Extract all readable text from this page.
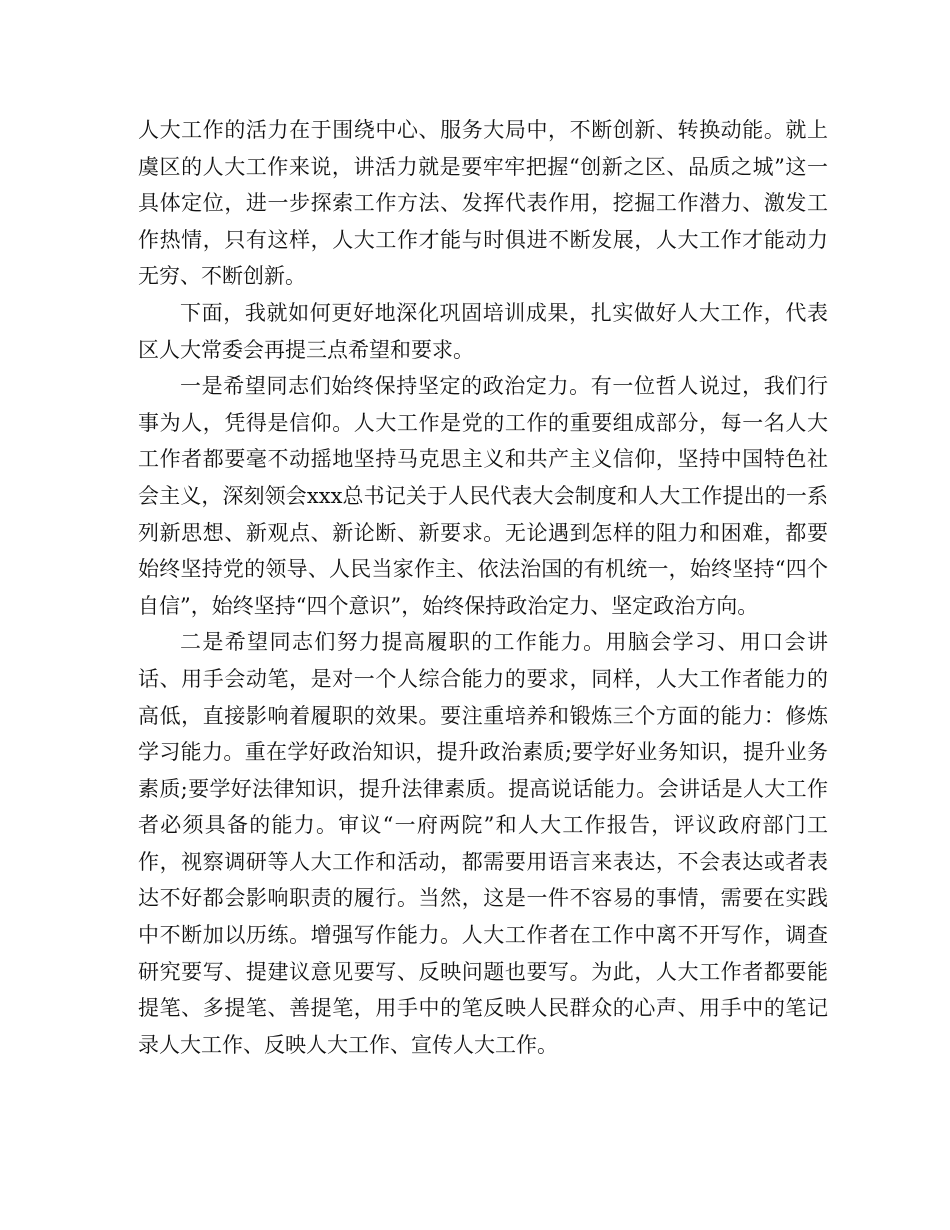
人大工作的活力在于围绕中心、服务大局中，不断创新、转换动能。就上虞区的人大工作来说，讲活力就是要牢牢把握“创新之区、品质之城”这一具体定位，进一步探索工作方法、发挥代表作用，挖掘工作潜力、激发工作热情，只有这样，人大工作才能与时俱进不断发展，人大工作才能动力无穷、不断创新。

下面，我就如何更好地深化巩固培训成果，扎实做好人大工作，代表区人大常委会再提三点希望和要求。

一是希望同志们始终保持坚定的政治定力。有一位哲人说过，我们行事为人，凭得是信仰。人大工作是党的工作的重要组成部分，每一名人大工作者都要毫不动摇地坚持马克思主义和共产主义信仰，坚持中国特色社会主义，深刻领会xxx总书记关于人民代表大会制度和人大工作提出的一系列新思想、新观点、新论断、新要求。无论遇到怎样的阻力和困难，都要始终坚持党的领导、人民当家作主、依法治国的有机统一，始终坚持“四个自信”，始终坚持“四个意识”，始终保持政治定力、坚定政治方向。

二是希望同志们努力提高履职的工作能力。用脑会学习、用口会讲话、用手会动笔，是对一个人综合能力的要求，同样，人大工作者能力的高低，直接影响着履职的效果。要注重培养和锻炼三个方面的能力：修炼学习能力。重在学好政治知识，提升政治素质;要学好业务知识，提升业务素质;要学好法律知识，提升法律素质。提高说话能力。会讲话是人大工作者必须具备的能力。审议“一府两院”和人大工作报告，评议政府部门工作，视察调研等人大工作和活动，都需要用语言来表达，不会表达或者表达不好都会影响职责的履行。当然，这是一件不容易的事情，需要在实践中不断加以历练。增强写作能力。人大工作者在工作中离不开写作，调查研究要写、提建议意见要写、反映问题也要写。为此，人大工作者都要能提笔、多提笔、善提笔，用手中的笔反映人民群众的心声、用手中的笔记录人大工作、反映人大工作、宣传人大工作。
